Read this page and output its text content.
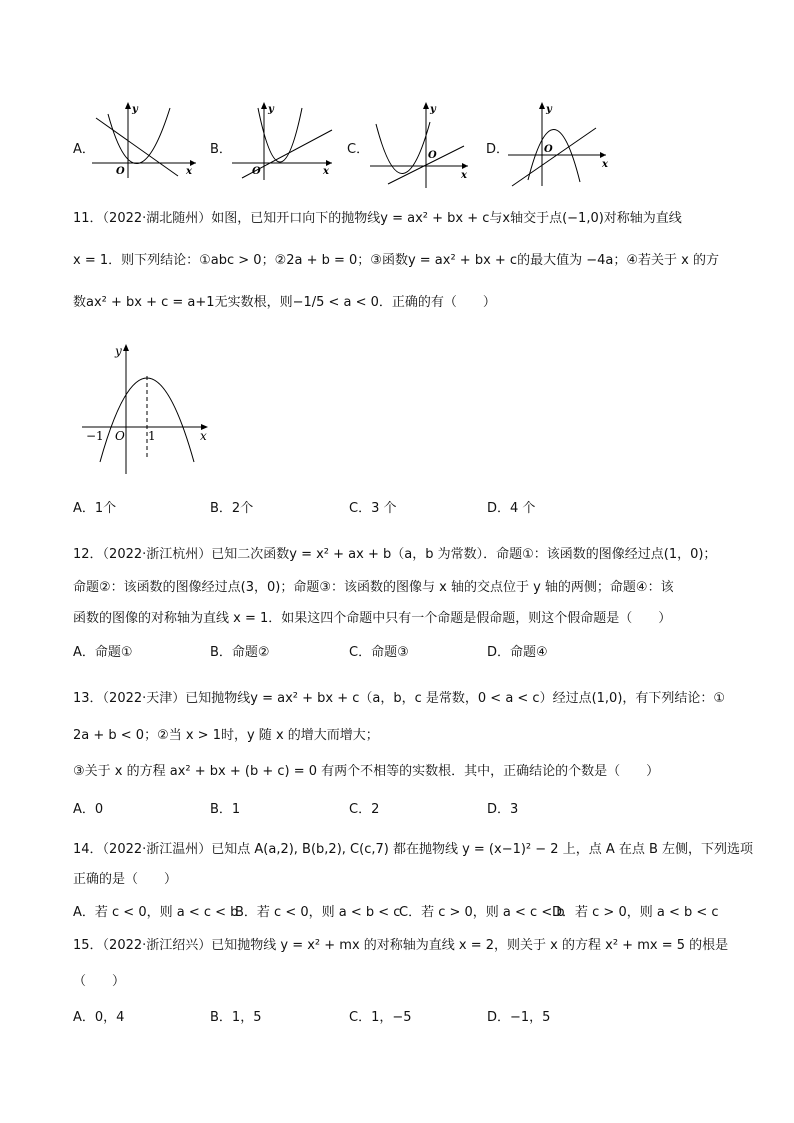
A．
y
O	x
B．
y
O	x
C．
y
O
x
D．
y
O
x
11．（2022·湖北随州）如图，已知开口向下的抛物线y = ax² + bx + c与x轴交于点(−1,0)对称轴为直线
x = 1．则下列结论：①abc > 0；②2a + b = 0；③函数y = ax² + bx + c的最大值为 −4a；④若关于 x 的方
数ax² + bx + c = a+1无实数根，则−1/5 < a < 0．正确的有（　　）
y
x
O
−1	1
A．1个	B．2个	C．3 个	D．4 个
12．（2022·浙江杭州）已知二次函数y = x² + ax + b（a，b 为常数）．命题①：该函数的图像经过点(1，0)；
命题②：该函数的图像经过点(3，0)；命题③：该函数的图像与 x 轴的交点位于 y 轴的两侧；命题④：该
函数的图像的对称轴为直线 x = 1．如果这四个命题中只有一个命题是假命题，则这个假命题是（　　）
A．命题①	B．命题②	C．命题③	D．命题④
13．（2022·天津）已知抛物线y = ax² + bx + c（a，b，c 是常数，0 < a < c）经过点(1,0)，有下列结论：①
2a + b < 0；②当 x > 1时，y 随 x 的增大而增大；
③关于 x 的方程 ax² + bx + (b + c) = 0 有两个不相等的实数根．其中，正确结论的个数是（　　）
A．0	B．1	C．2	D．3
14．（2022·浙江温州）已知点 A(a,2), B(b,2), C(c,7) 都在抛物线 y = (x−1)² − 2 上，点 A 在点 B 左侧，下列选项
正确的是（　　）
A．若 c < 0，则 a < c < b
B．若 c < 0，则 a < b < c
C．若 c > 0，则 a < c < b
D．若 c > 0，则 a < b < c
15．（2022·浙江绍兴）已知抛物线 y = x² + mx 的对称轴为直线 x = 2，则关于 x 的方程 x² + mx = 5 的根是
（　　）
A．0，4	B．1，5	C．1，−5	D．−1，5
